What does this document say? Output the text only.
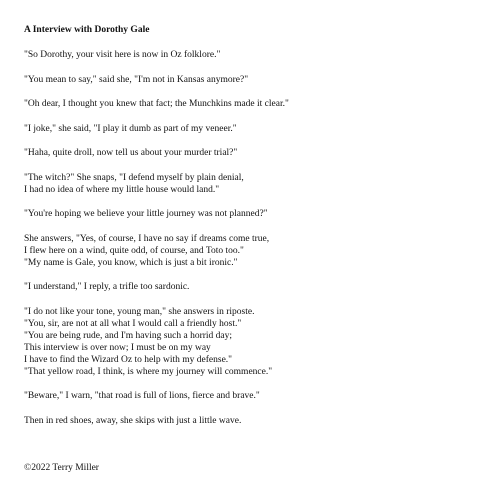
A Interview with Dorothy Gale
"So Dorothy, your visit here is now in Oz folklore."
"You mean to say," said she, "I'm not in Kansas anymore?"
"Oh dear, I thought you knew that fact; the Munchkins made it clear."
"I joke," she said, "I play it dumb as part of my veneer."
"Haha, quite droll, now tell us about your murder trial?"
"The witch?" She snaps, "I defend myself by plain denial,
I had no idea of where my little house would land."
"You're hoping we believe your little journey was not planned?"
She answers, "Yes, of course, I have no say if dreams come true,
I flew here on a wind, quite odd, of course, and Toto too."
"My name is Gale, you know, which is just a bit ironic."
"I understand," I reply, a trifle too sardonic.
"I do not like your tone, young man," she answers in riposte.
"You, sir, are not at all what I would call a friendly host."
"You are being rude, and I'm having such a horrid day;
This interview is over now; I must be on my way
I have to find the Wizard Oz to help with my defense."
"That yellow road, I think, is where my journey will commence."
"Beware," I warn, "that road is full of lions, fierce and brave."
Then in red shoes, away, she skips with just a little wave.
©2022 Terry Miller
